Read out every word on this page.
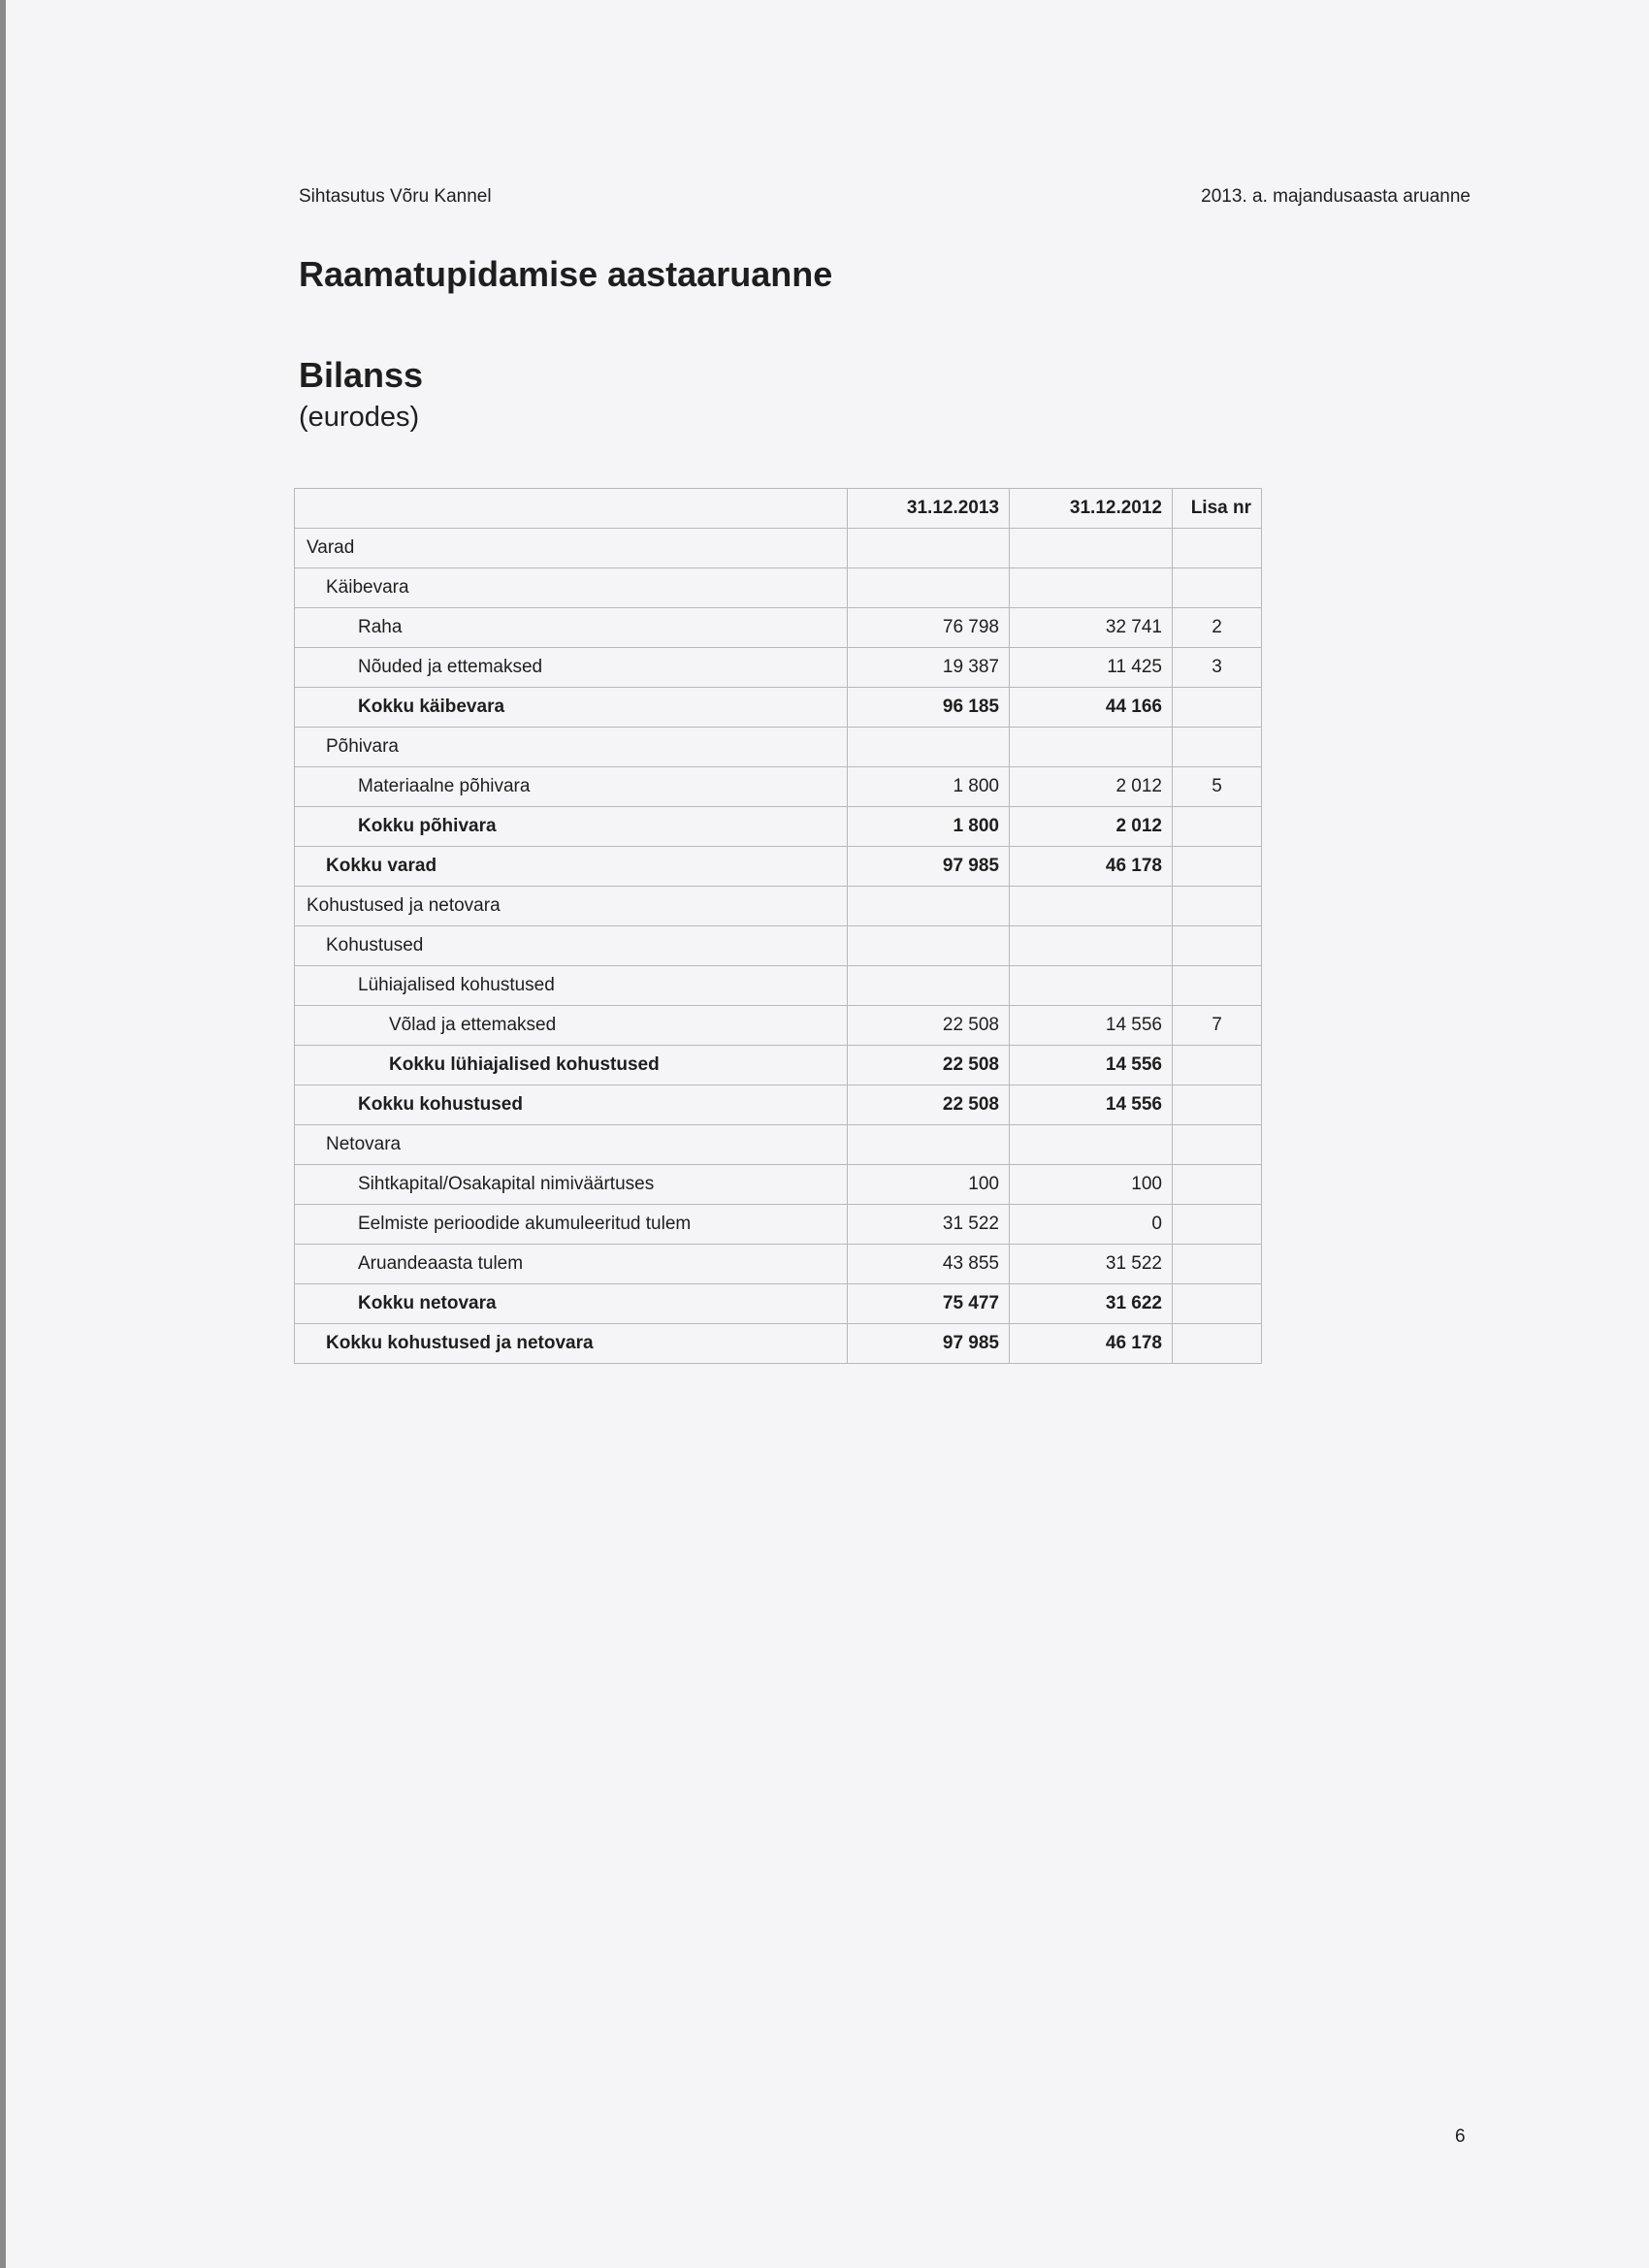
Sihtasutus Võru Kannel	2013. a. majandusaasta aruanne
Raamatupidamise aastaaruanne
Bilanss
(eurodes)
	31.12.2013	31.12.2012	Lisa nr
Varad			
Käibevara			
Raha	76 798	32 741	2
Nõuded ja ettemaksed	19 387	11 425	3
Kokku käibevara	96 185	44 166	
Põhivara			
Materiaalne põhivara	1 800	2 012	5
Kokku põhivara	1 800	2 012	
Kokku varad	97 985	46 178	
Kohustused ja netovara			
Kohustused			
Lühiajalised kohustused			
Võlad ja ettemaksed	22 508	14 556	7
Kokku lühiajalised kohustused	22 508	14 556	
Kokku kohustused	22 508	14 556	
Netovara			
Sihtkapital/Osakapital nimiväärtuses	100	100	
Eelmiste perioodide akumuleeritud tulem	31 522	0	
Aruandeaasta tulem	43 855	31 522	
Kokku netovara	75 477	31 622	
Kokku kohustused ja netovara	97 985	46 178	
6
